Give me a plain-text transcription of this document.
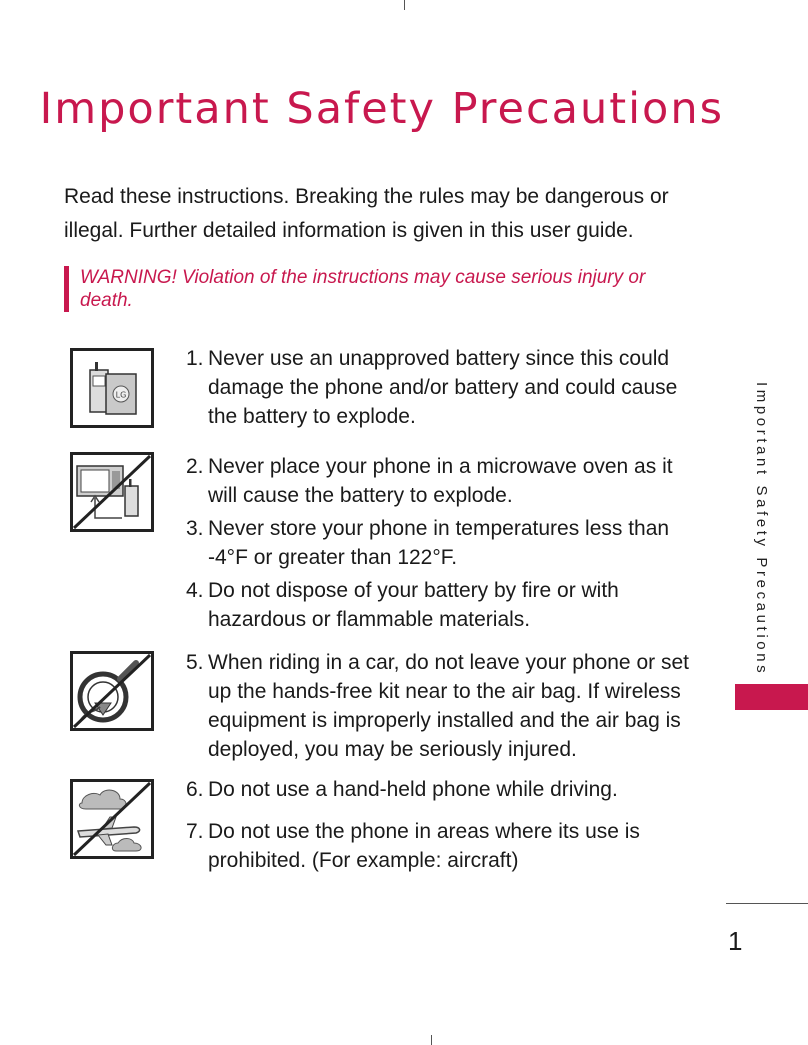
Important Safety Precautions

Read these instructions. Breaking the rules may be dangerous or illegal. Further detailed information is given in this user guide.

WARNING! Violation of the instructions may cause serious injury or death.
LG
1. Never use an unapproved battery since this could damage the phone and/or battery and could cause the battery to explode.
2. Never place your phone in a microwave oven as it will cause the battery to explode.
3. Never store your phone in temperatures less than -4°F or greater than 122°F.
4. Do not dispose of your battery by fire or with hazardous or flammable materials.
5. When riding in a car, do not leave your phone or set up the hands-free kit near to the air bag. If wireless equipment is improperly installed and the air bag is deployed, you may be seriously injured.
6. Do not use a hand-held phone while driving.
7. Do not use the phone in areas where its use is prohibited. (For example: aircraft)
Important Safety Precautions
1
